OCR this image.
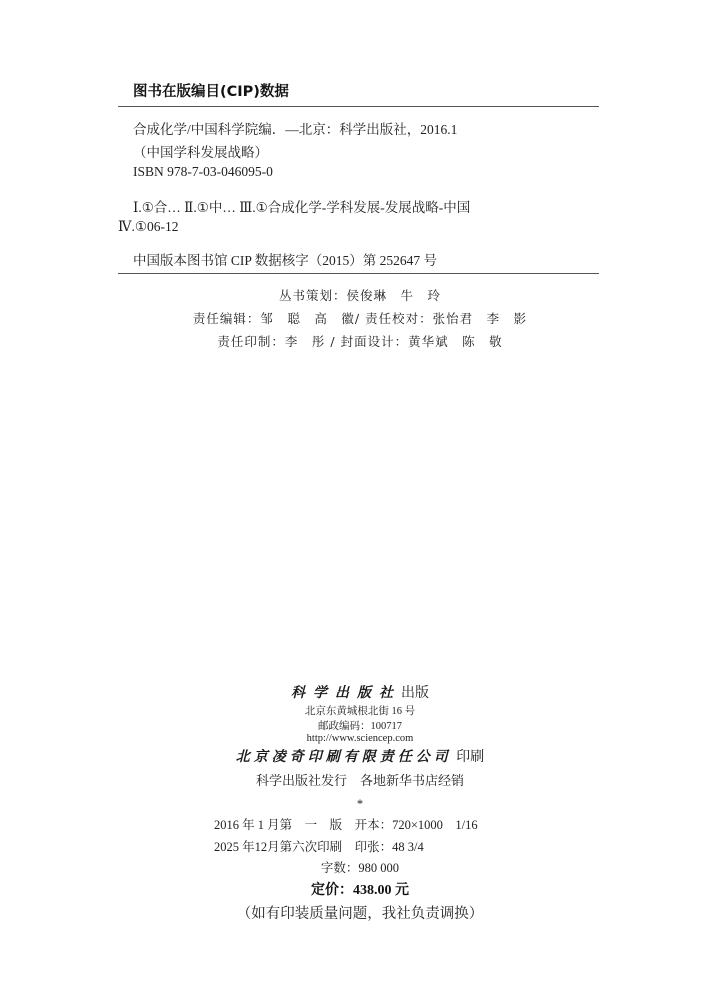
图书在版编目(CIP)数据
合成化学/中国科学院编．—北京：科学出版社，2016.1
（中国学科发展战略）
ISBN 978-7-03-046095-0
Ⅰ.①合… Ⅱ.①中… Ⅲ.①合成化学-学科发展-发展战略-中国
Ⅳ.①06-12
中国版本图书馆 CIP 数据核字（2015）第 252647 号
丛书策划：侯俊琳　牛　玲
责任编辑：邹　聪　高　徽/ 责任校对：张怡君　李　影
责任印制：李　彤 / 封面设计：黄华斌　陈　敬
科学出版社出版
北京东黄城根北街 16 号
邮政编码：100717
http://www.sciencep.com
北京凌奇印刷有限责任公司 印刷
科学出版社发行　各地新华书店经销
*
2016 年 1 月第　一　版　开本：720×1000　1/16
2025 年12月第六次印刷　印张：48 3/4
字数：980 000
定价：438.00 元
（如有印装质量问题，我社负责调换）
